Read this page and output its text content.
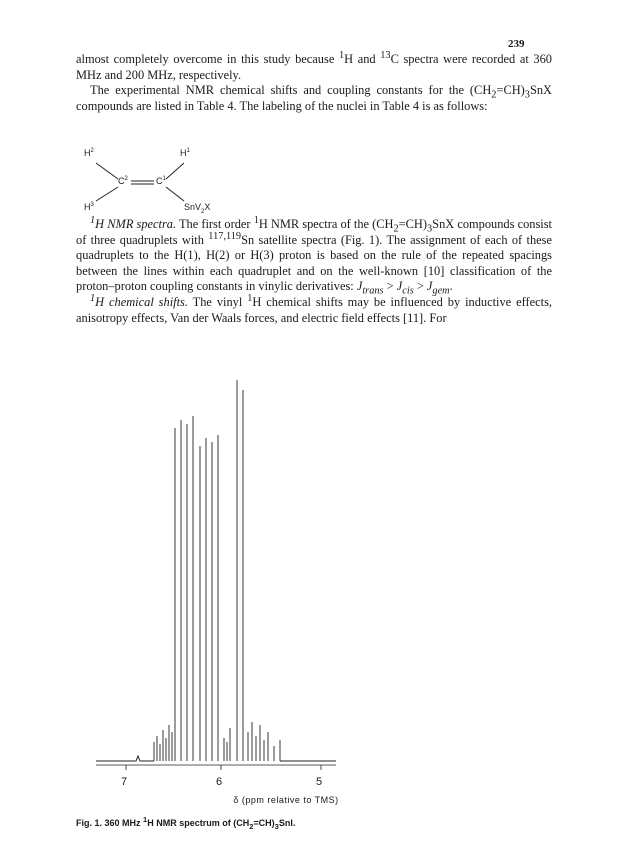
239

almost completely overcome in this study because $^1$H and $^{13}$C spectra were recorded at 360 MHz and 200 MHz, respectively.

The experimental NMR chemical shifts and coupling constants for the $(CH_2=CH)_3SnX$ compounds are listed in Table 4. The labeling of the nuclei in Table 4 is as follows:

$H^2$	$H^1$
$C^2$	$C^1$
$H^3$	SnV$_2$X

$^1$H NMR spectra. The first order $^1$H NMR spectra of the $(CH_2=CH)_3SnX$ compounds consist of three quadruplets with $^{117,119}$Sn satellite spectra (Fig. 1). The assignment of each of these quadruplets to the H(1), H(2) or H(3) proton is based on the rule of the repeated spacings between the lines within each quadruplet and on the well-known [10] classification of the proton–proton coupling constants in vinylic derivatives: $J_{trans} > J_{cis} > J_{gem}$.

$^1$H chemical shifts. The vinyl $^1$H chemical shifts may be influenced by inductive effects, anisotropy effects, Van der Waals forces, and electric field effects [11]. For

7	6	5
δ (ppm relative to TMS)
Fig. 1. 360 MHz $^1$H NMR spectrum of $(CH_2=CH)_3SnI$.
